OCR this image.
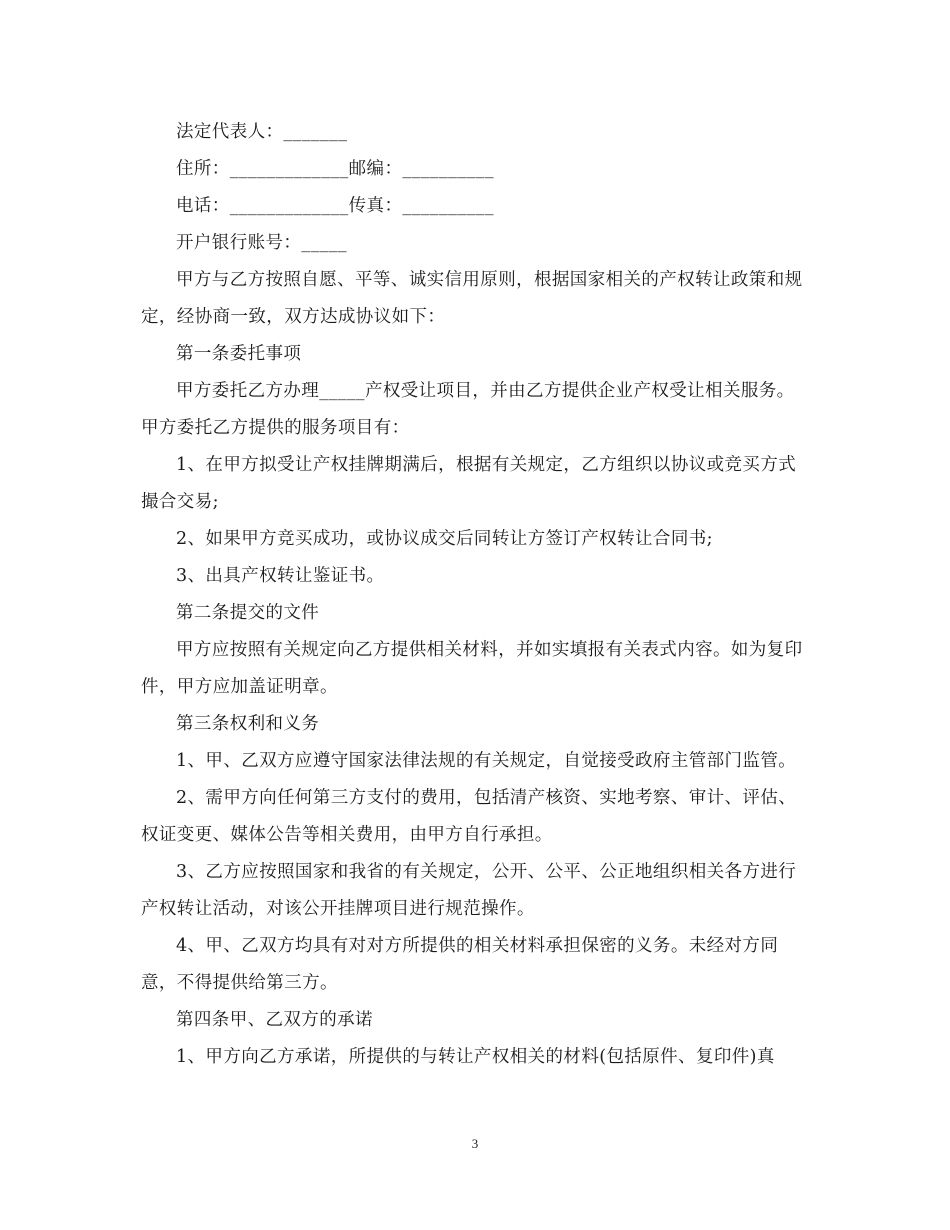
法定代表人：_______

住所：_____________邮编：__________

电话：_____________传真：__________

开户银行账号：_____

甲方与乙方按照自愿、平等、诚实信用原则，根据国家相关的产权转让政策和规定，经协商一致，双方达成协议如下：

第一条委托事项

甲方委托乙方办理_____产权受让项目，并由乙方提供企业产权受让相关服务。甲方委托乙方提供的服务项目有：

1、在甲方拟受让产权挂牌期满后，根据有关规定，乙方组织以协议或竞买方式撮合交易;

2、如果甲方竞买成功，或协议成交后同转让方签订产权转让合同书;

3、出具产权转让鉴证书。

第二条提交的文件

甲方应按照有关规定向乙方提供相关材料，并如实填报有关表式内容。如为复印件，甲方应加盖证明章。

第三条权利和义务

1、甲、乙双方应遵守国家法律法规的有关规定，自觉接受政府主管部门监管。

2、需甲方向任何第三方支付的费用，包括清产核资、实地考察、审计、评估、权证变更、媒体公告等相关费用，由甲方自行承担。

3、乙方应按照国家和我省的有关规定，公开、公平、公正地组织相关各方进行产权转让活动，对该公开挂牌项目进行规范操作。

4、甲、乙双方均具有对对方所提供的相关材料承担保密的义务。未经对方同意，不得提供给第三方。

第四条甲、乙双方的承诺

1、甲方向乙方承诺，所提供的与转让产权相关的材料(包括原件、复印件)真

3
